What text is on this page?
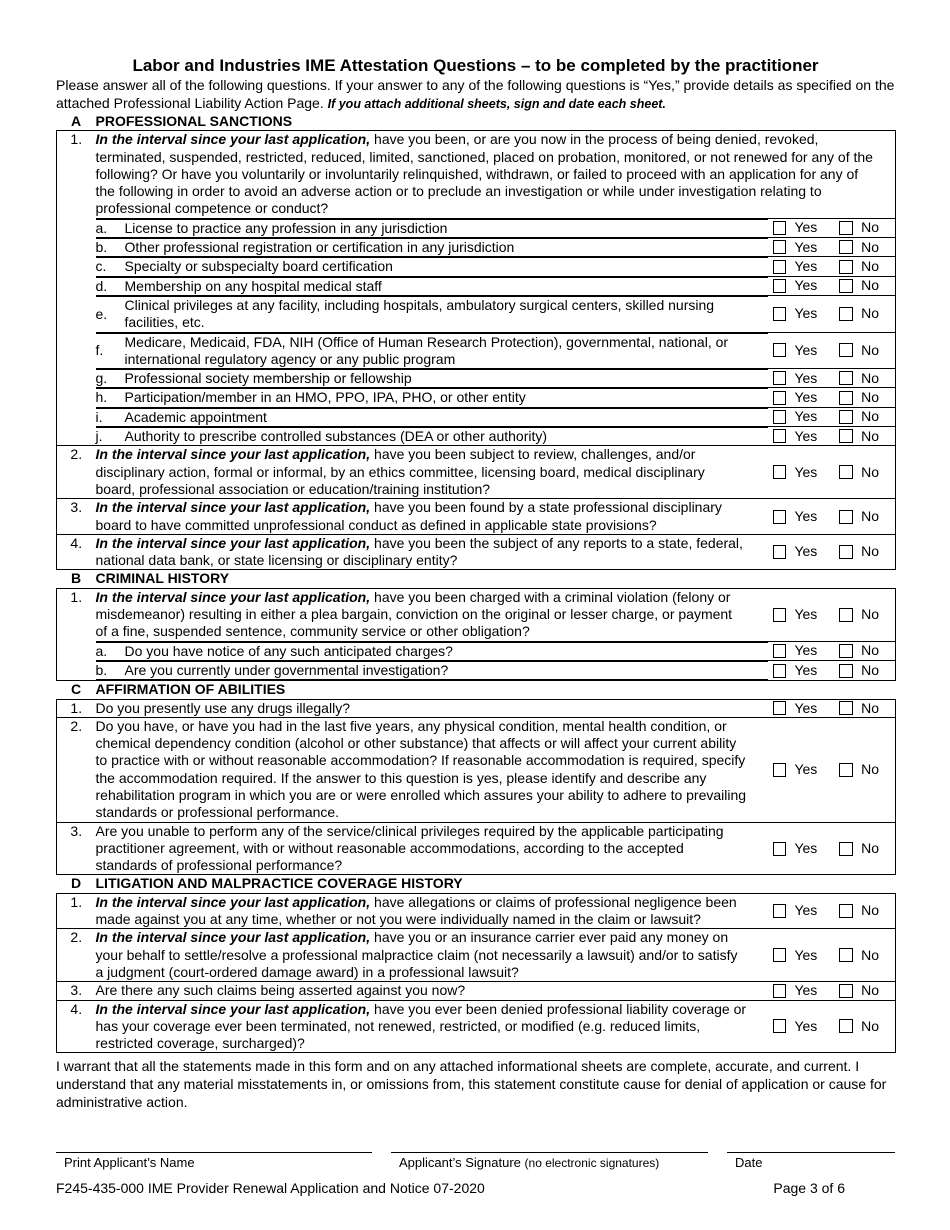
Labor and Industries IME Attestation Questions – to be completed by the practitioner
Please answer all of the following questions. If your answer to any of the following questions is “Yes,” provide details as specified on the attached Professional Liability Action Page. If you attach additional sheets, sign and date each sheet.
A	PROFESSIONAL SANCTIONS
1.	In the interval since your last application, have you been, or are you now in the process of being denied, revoked, terminated, suspended, restricted, reduced, limited, sanctioned, placed on probation, monitored, or not renewed for any of the following? Or have you voluntarily or involuntarily relinquished, withdrawn, or failed to proceed with an application for any of the following in order to avoid an adverse action or to preclude an investigation or while under investigation relating to professional competence or conduct?

a.	License to practice any profession in any jurisdiction
		Yes	No

b.	Other professional registration or certification in any jurisdiction
		Yes	No

c.	Specialty or subspecialty board certification
		Yes	No

d.	Membership on any hospital medical staff
		Yes	No

e.	Clinical privileges at any facility, including hospitals, ambulatory surgical centers, skilled nursing facilities, etc.

Yes	No

f.	Medicare, Medicaid, FDA, NIH (Office of Human Research Protection), governmental, national, or international regulatory agency or any public program

Yes	No

g.	Professional society membership or fellowship
		Yes	No

h.	Participation/member in an HMO, PPO, IPA, PHO, or other entity
		Yes	No

i.	Academic appointment
		Yes	No

j.	Authority to prescribe controlled substances (DEA or other authority)
		Yes	No

2.	In the interval since your last application, have you been subject to review, challenges, and/or disciplinary action, formal or informal, by an ethics committee, licensing board, medical disciplinary board, professional association or education/training institution?	
Yes	No

3.	In the interval since your last application, have you been found by a state professional disciplinary board to have committed unprofessional conduct as defined in applicable state provisions?	
Yes	No

4.	In the interval since your last application, have you been the subject of any reports to a state, federal, national data bank, or state licensing or disciplinary entity?	
Yes	No

B	CRIMINAL HISTORY
1.	In the interval since your last application, have you been charged with a criminal violation (felony or misdemeanor) resulting in either a plea bargain, conviction on the original or lesser charge, or payment of a fine, suspended sentence, community service or other obligation?	
Yes	No

a.	Do you have notice of any such anticipated charges?
		Yes	No

b.	Are you currently under governmental investigation?
		Yes	No

C	AFFIRMATION OF ABILITIES
1.	Do you presently use any drugs illegally?	Yes	No

2.	Do you have, or have you had in the last five years, any physical condition, mental health condition, or chemical dependency condition (alcohol or other substance) that affects or will affect your current ability to practice with or without reasonable accommodation? If reasonable accommodation is required, specify the accommodation required. If the answer to this question is yes, please identify and describe any rehabilitation program in which you are or were enrolled which assures your ability to adhere to prevailing standards or professional performance.	
Yes	No

3.	Are you unable to perform any of the service/clinical privileges required by the applicable participating practitioner agreement, with or without reasonable accommodations, according to the accepted standards of professional performance?	
Yes	No

D	LITIGATION AND MALPRACTICE COVERAGE HISTORY
1.	In the interval since your last application, have allegations or claims of professional negligence been made against you at any time, whether or not you were individually named in the claim or lawsuit?	
Yes	No

2.	In the interval since your last application, have you or an insurance carrier ever paid any money on your behalf to settle/resolve a professional malpractice claim (not necessarily a lawsuit) and/or to satisfy a judgment (court-ordered damage award) in a professional lawsuit?	
Yes	No

3.	Are there any such claims being asserted against you now?	Yes	No

4.	In the interval since your last application, have you ever been denied professional liability coverage or has your coverage ever been terminated, not renewed, restricted, or modified (e.g. reduced limits, restricted coverage, surcharged)?	
Yes	No
I warrant that all the statements made in this form and on any attached informational sheets are complete, accurate, and current. I understand that any material misstatements in, or omissions from, this statement constitute cause for denial of application or cause for administrative action.
Print Applicant’s Name	Applicant’s Signature (no electronic signatures)	Date
F245-435-000 IME Provider Renewal Application and Notice 07-2020	Page 3 of 6
